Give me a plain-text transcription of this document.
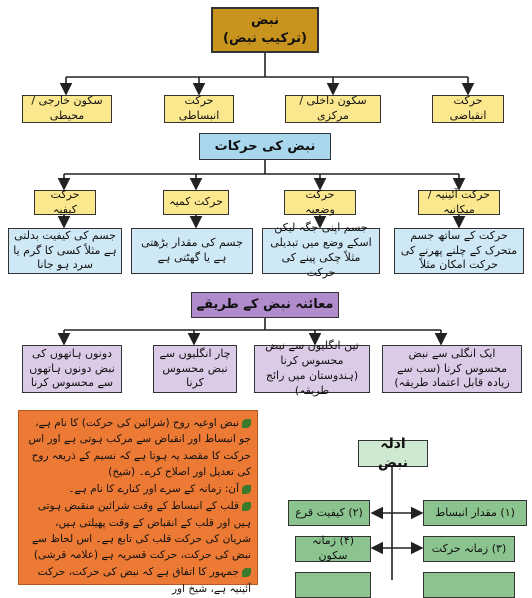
نبض
(ترکیب نبض)
حرکت انقباضی
سکون داخلی / مرکزی
حرکت انبساطی
سکون خارجی / محیطی
نبض کی حرکات
حرکت آئینیہ / میکانیہ
حرکت وضعیہ
حرکت کمیہ
حرکت کیفیہ
حرکت کے ساتھ جسم متحرک کے چلنے پھرنے کی حرکت امکان مثلاً
جسم اپنی جگہ لیکن اسکے وضع میں تبدیلی مثلاً چکی پینے کی حرکت
جسم کی مقدار بڑھتی ہے یا گھٹتی ہے
جسم کی کیفیت بدلتی ہے مثلاً کسی کا گرم یا سرد ہو جانا
معائنہ نبض کے طریقے
ایک انگلی سے نبض محسوس کرنا (سب سے زیادہ قابل اعتماد طریقہ)
تین انگلیوں سے نبض محسوس کرنا (ہندوستان میں رائج طریقہ)
چار انگلیوں سے نبض محسوس کرنا
دونوں ہاتھوں کی نبض دونوں ہاتھوں سے محسوس کرنا

نبض اوعیہ روح (شرائین کی حرکت) کا نام ہے، جو انبساط اور انقباض سے مرکب ہوتی ہے اور اس حرکت کا مقصد یہ ہوتا ہے کہ نسیم کے ذریعہ روح کی تعدیل اور اصلاح کرے۔ (شیخ)

آن: زمانہ کے سرے اور کنارے کا نام ہے۔

قلب کے انبساط کے وقت شرائین منقبض ہوتی ہیں اور قلب کے انقباض کے وقت پھیلتی ہیں، شریان کی حرکت قلب کی تابع ہے۔ اس لحاظ سے نبض کی حرکت، حرکت قسریہ ہے (علامہ قرشی)

جمہور کا اتفاق ہے کہ نبض کی حرکت، حرکت آئینیہ ہے، شیخ اور

ادلہ نبض
(۱) مقدار انبساط
(۲) کیفیت قرع
(۳) زمانہ حرکت
(۴) زمانہ سکون
